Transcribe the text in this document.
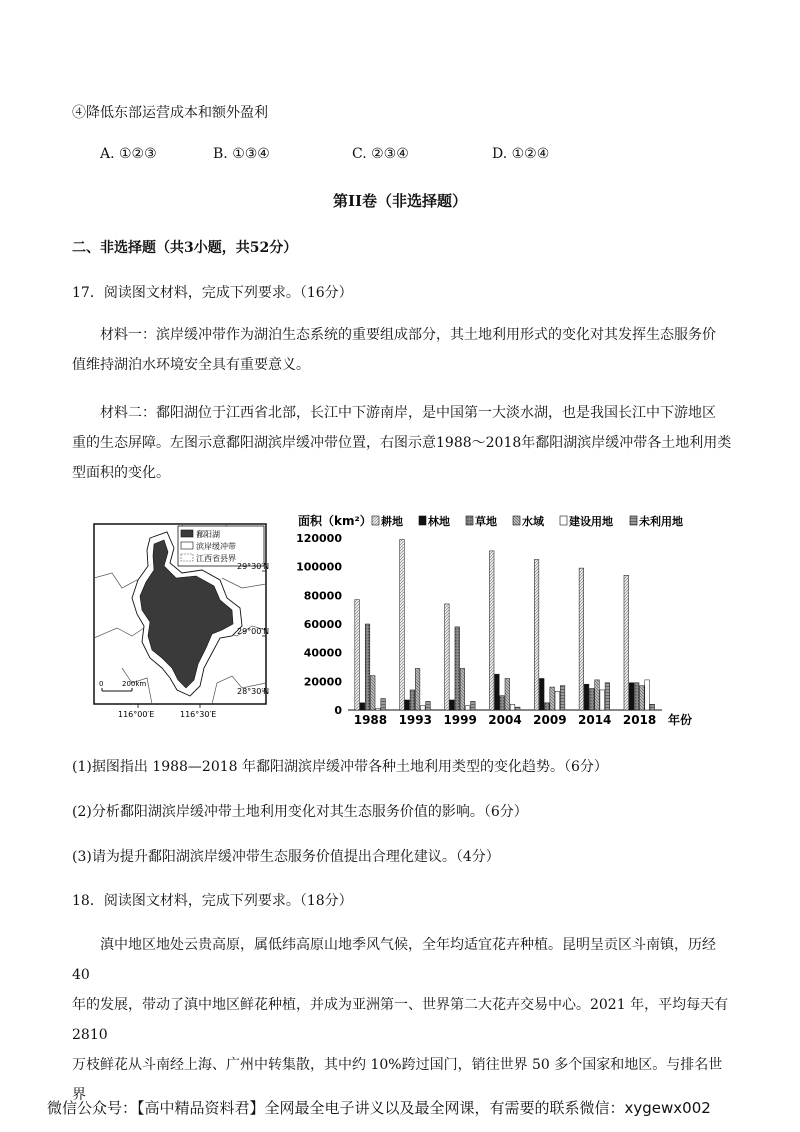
④降低东部运营成本和额外盈利
A. ①②③	B. ①③④	C. ②③④	D. ①②④
第II卷（非选择题）
二、非选择题（共3小题，共52分）
17．阅读图文材料，完成下列要求。（16分）

材料一：滨岸缓冲带作为湖泊生态系统的重要组成部分，其土地利用形式的变化对其发挥生态服务价

值维持湖泊水环境安全具有重要意义。

材料二：鄱阳湖位于江西省北部，长江中下游南岸，是中国第一大淡水湖，也是我国长江中下游地区

重的生态屏障。左图示意鄱阳湖滨岸缓冲带位置，右图示意1988～2018年鄱阳湖滨岸缓冲带各土地利用类

型面积的变化。

鄱阳湖
滨岸缓冲带
江西省县界
29°30′N
29°00′N
28°30′N
0	200km
116°00′E	116°30′E
面积（km²） 耕地 林地 草地 水域 建设用地 未利用地
0
20000
40000
60000
80000
100000
120000
1988 1993 1999 2004 2009 2014 2018 年份
(1)据图指出 1988—2018 年鄱阳湖滨岸缓冲带各种土地利用类型的变化趋势。（6分）
(2)分析鄱阳湖滨岸缓冲带土地利用变化对其生态服务价值的影响。（6分）
(3)请为提升鄱阳湖滨岸缓冲带生态服务价值提出合理化建议。（4分）
18．阅读图文材料，完成下列要求。（18分）

滇中地区地处云贵高原，属低纬高原山地季风气候，全年均适宜花卉种植。昆明呈贡区斗南镇，历经 40

年的发展，带动了滇中地区鲜花种植，并成为亚洲第一、世界第二大花卉交易中心。2021 年，平均每天有 2810

万枝鲜花从斗南经上海、广州中转集散，其中约 10%跨过国门，销往世界 50 多个国家和地区。与排名世界

微信公众号：【高中精品资料君】全网最全电子讲义以及最全网课，有需要的联系微信：xygewx002
